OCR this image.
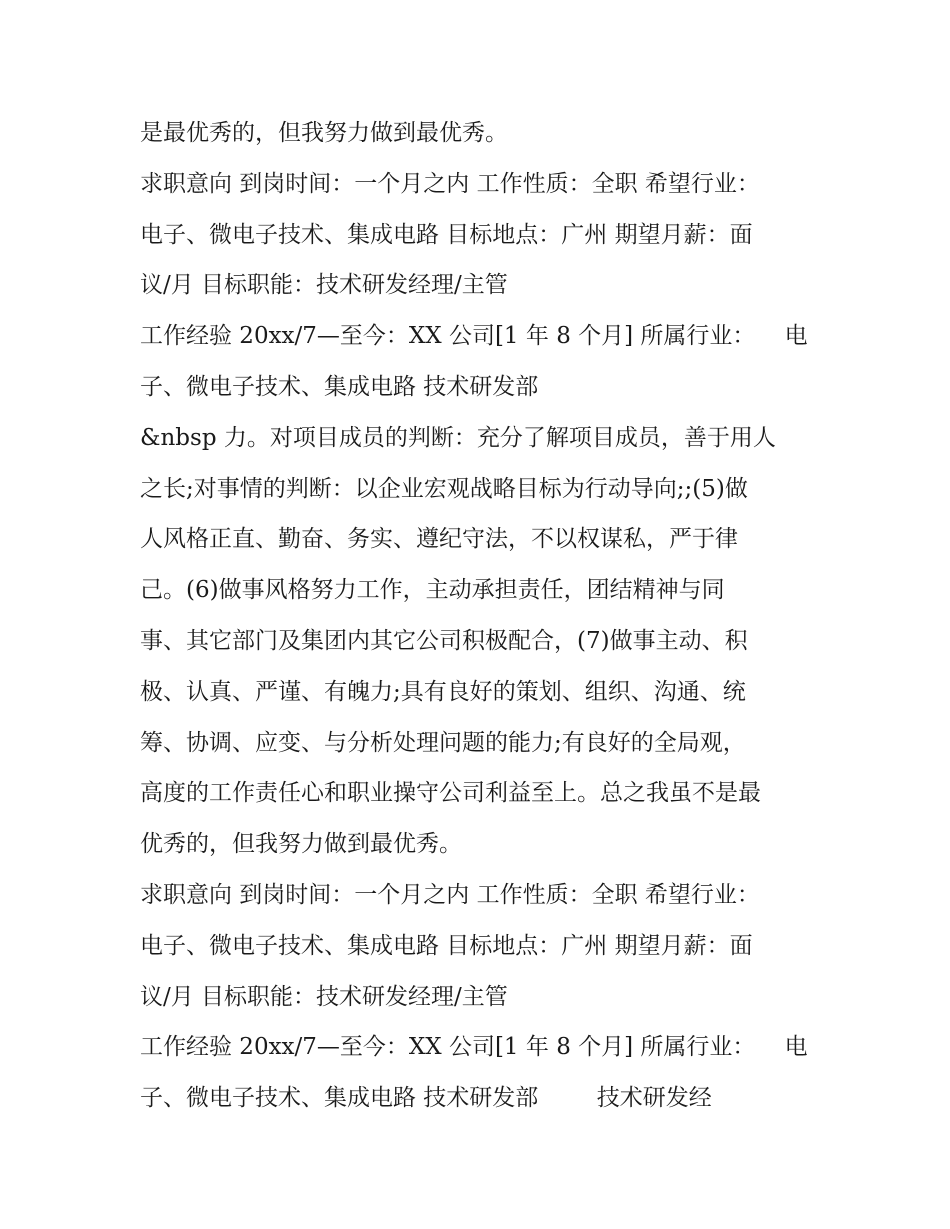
是最优秀的，但我努力做到最优秀。
求职意向 到岗时间：一个月之内 工作性质：全职 希望行业：
电子、微电子技术、集成电路 目标地点：广州 期望月薪：面
议/月 目标职能：技术研发经理/主管
工作经验 20xx/7—至今：XX 公司[1 年 8 个月] 所属行业：    电
子、微电子技术、集成电路 技术研发部
&nbsp 力。对项目成员的判断：充分了解项目成员，善于用人
之长;对事情的判断：以企业宏观战略目标为行动导向;;(5)做
人风格正直、勤奋、务实、遵纪守法，不以权谋私，严于律
己。(6)做事风格努力工作，主动承担责任，团结精神与同
事、其它部门及集团内其它公司积极配合，(7)做事主动、积
极、认真、严谨、有魄力;具有良好的策划、组织、沟通、统
筹、协调、应变、与分析处理问题的能力;有良好的全局观，
高度的工作责任心和职业操守公司利益至上。总之我虽不是最
优秀的，但我努力做到最优秀。
求职意向 到岗时间：一个月之内 工作性质：全职 希望行业：
电子、微电子技术、集成电路 目标地点：广州 期望月薪：面
议/月 目标职能：技术研发经理/主管
工作经验 20xx/7—至今：XX 公司[1 年 8 个月] 所属行业：    电
子、微电子技术、集成电路 技术研发部        技术研发经
